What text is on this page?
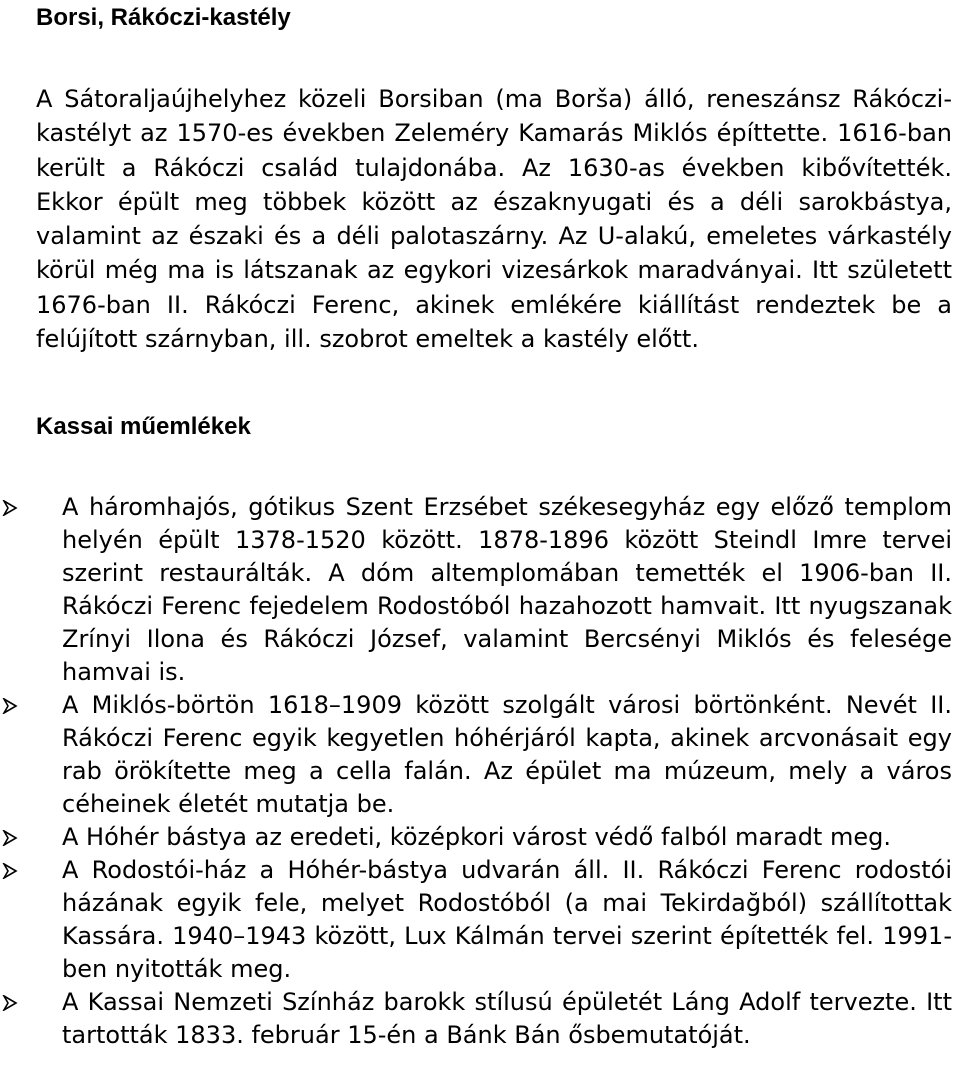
Borsi, Rákóczi-kastély

A Sátoraljaújhelyhez közeli Borsiban (ma Borša) álló, reneszánsz Rákóczi-kastélyt az 1570-es években Zeleméry Kamarás Miklós építtette. 1616-ban került a Rákóczi család tulajdonába. Az 1630-as években kibővítették. Ekkor épült meg többek között az északnyugati és a déli sarokbástya, valamint az északi és a déli palotaszárny. Az U-alakú, emeletes várkastély körül még ma is látszanak az egykori vizesárkok maradványai. Itt született 1676-ban II. Rákóczi Ferenc, akinek emlékére kiállítást rendeztek be a felújított szárnyban, ill. szobrot emeltek a kastély előtt.

Kassai műemlékek
A háromhajós, gótikus Szent Erzsébet székesegyház egy előző templom helyén épült 1378-1520 között. 1878-1896 között Steindl Imre tervei szerint restaurálták. A dóm altemplomában temették el 1906-ban II. Rákóczi Ferenc fejedelem Rodostóból hazahozott hamvait. Itt nyugszanak Zrínyi Ilona és Rákóczi József, valamint Bercsényi Miklós és felesége hamvai is.
A Miklós-börtön 1618–1909 között szolgált városi börtönként. Nevét II. Rákóczi Ferenc egyik kegyetlen hóhérjáról kapta, akinek arcvonásait egy rab örökítette meg a cella falán. Az épület ma múzeum, mely a város céheinek életét mutatja be.
A Hóhér bástya az eredeti, középkori várost védő falból maradt meg.
A Rodostói-ház a Hóhér-bástya udvarán áll. II. Rákóczi Ferenc rodostói házának egyik fele, melyet Rodostóból (a mai Tekirdağból) szállítottak Kassára. 1940–1943 között, Lux Kálmán tervei szerint építették fel. 1991-ben nyitották meg.
A Kassai Nemzeti Színház barokk stílusú épületét Láng Adolf tervezte. Itt tartották 1833. február 15-én a Bánk Bán ősbemutatóját.
